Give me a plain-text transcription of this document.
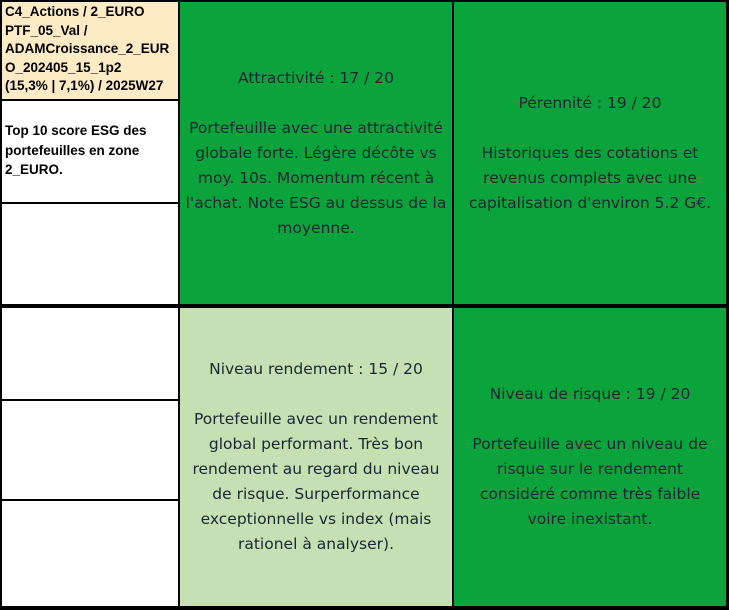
C4_Actions / 2_EURO
PTF_05_Val /
ADAMCroissance_2_EUR
O_202405_15_1p2
(15,3% | 7,1%) / 2025W27
Top 10 score ESG des portefeuilles en zone 2_EURO.
Attractivité : 17 / 20
Portefeuille avec une attractivité globale forte. Légère décôte vs moy. 10s. Momentum récent à l'achat. Note ESG au dessus de la moyenne.
Pérennité : 19 / 20
Historiques des cotations et revenus complets avec une capitalisation d'environ 5.2 G€.
Niveau rendement : 15 / 20
Portefeuille avec un rendement global performant. Très bon rendement au regard du niveau de risque. Surperformance exceptionnelle vs index (mais rationel à analyser).
Niveau de risque : 19 / 20
Portefeuille avec un niveau de risque sur le rendement considéré comme très faible voire inexistant.
